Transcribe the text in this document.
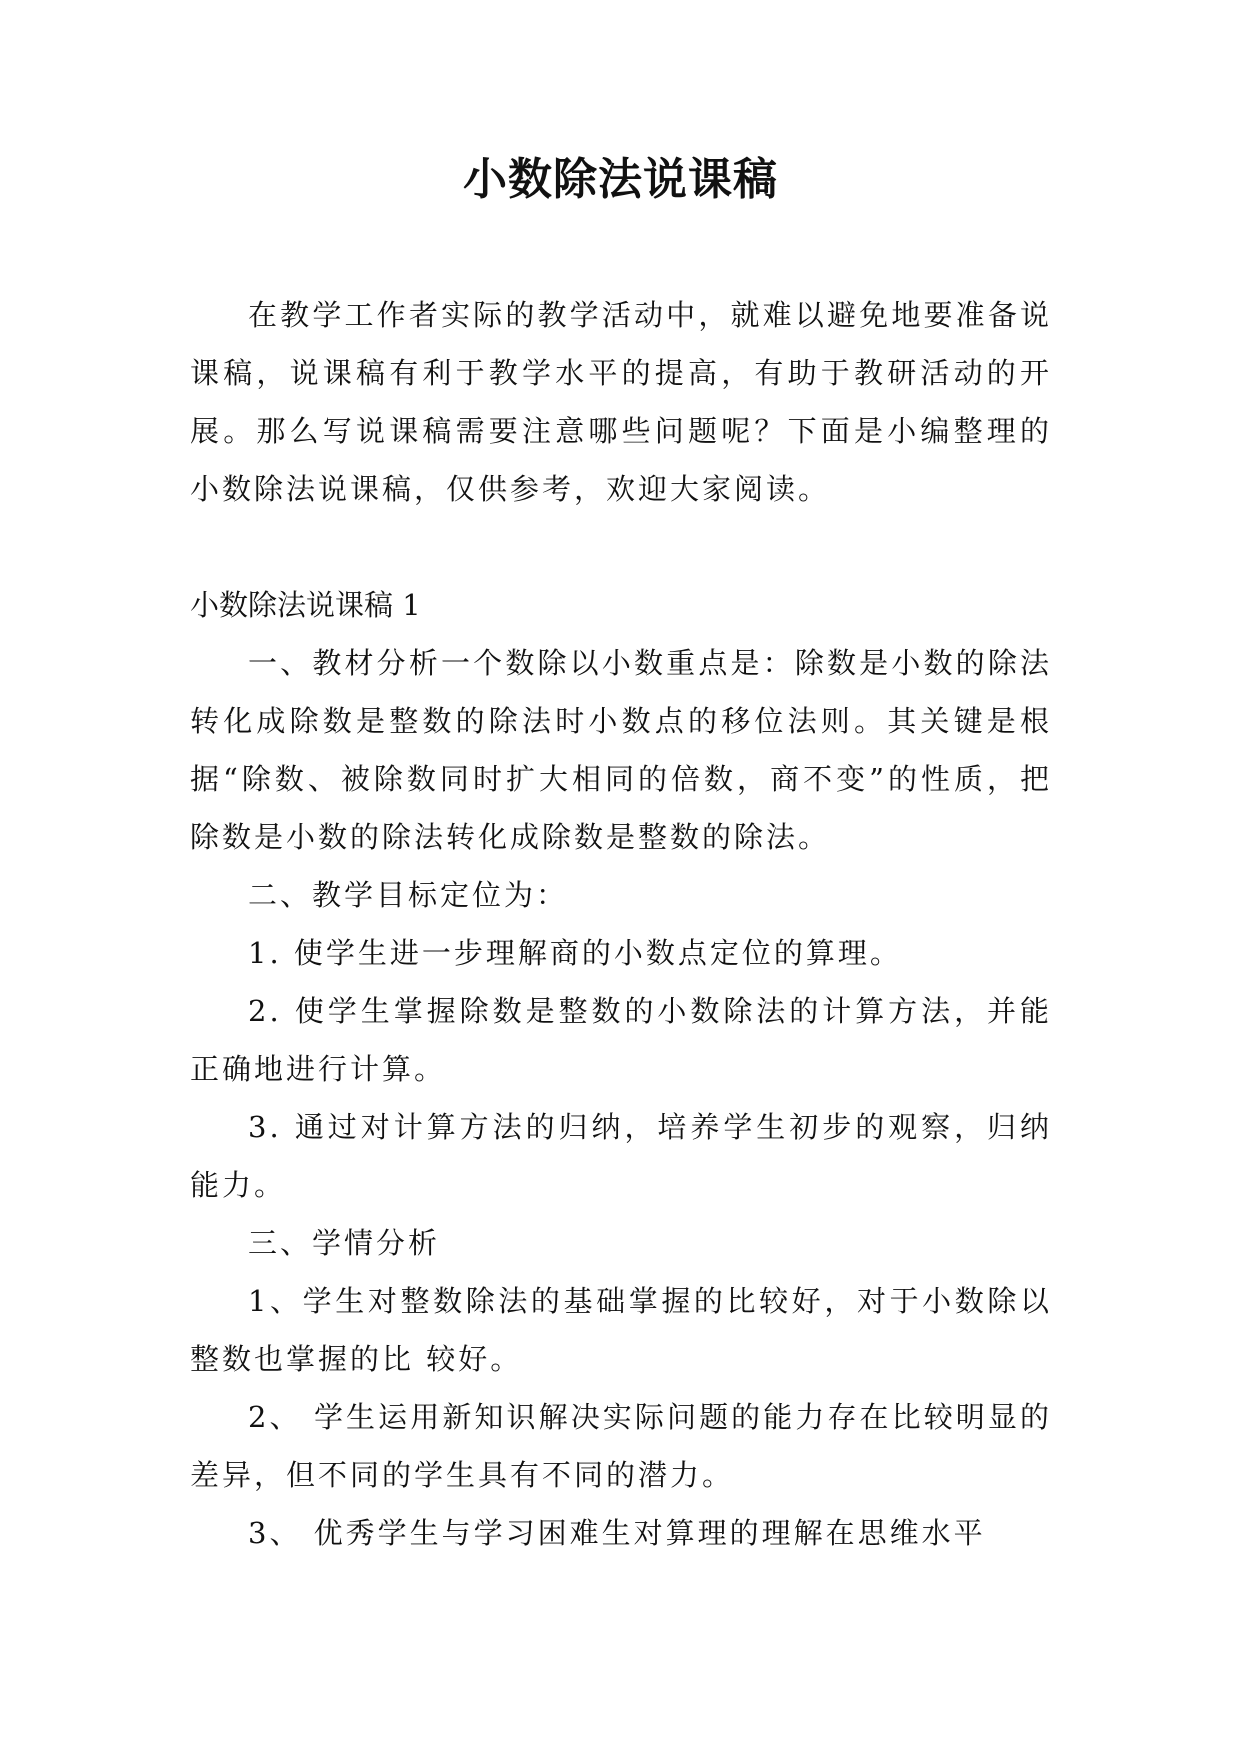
小数除法说课稿

在教学工作者实际的教学活动中，就难以避免地要准备说课稿，说课稿有利于教学水平的提高，有助于教研活动的开展。那么写说课稿需要注意哪些问题呢？下面是小编整理的小数除法说课稿，仅供参考，欢迎大家阅读。

小数除法说课稿 1

一、教材分析一个数除以小数重点是：除数是小数的除法转化成除数是整数的除法时小数点的移位法则。其关键是根据“除数、被除数同时扩大相同的倍数，商不变”的性质，把除数是小数的除法转化成除数是整数的除法。

二、教学目标定位为：

1. 使学生进一步理解商的小数点定位的算理。

2. 使学生掌握除数是整数的小数除法的计算方法，并能正确地进行计算。

3. 通过对计算方法的归纳，培养学生初步的观察，归纳能力。

三、学情分析

1、学生对整数除法的基础掌握的比较好，对于小数除以整数也掌握的比 较好。

2、 学生运用新知识解决实际问题的能力存在比较明显的差异，但不同的学生具有不同的潜力。

3、 优秀学生与学习困难生对算理的理解在思维水平
